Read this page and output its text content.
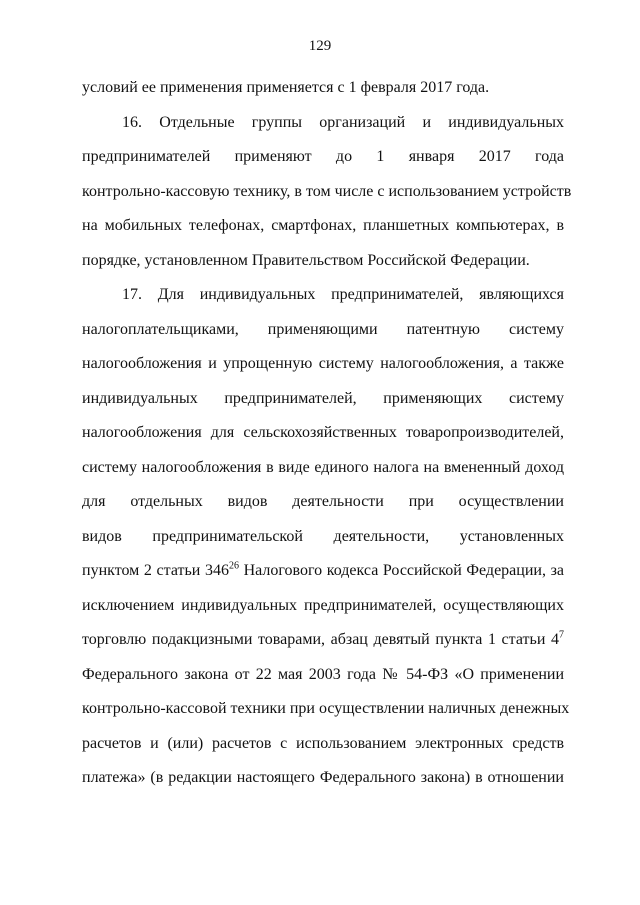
129
условий ее применения применяется с 1 февраля 2017 года.
16. Отдельные группы организаций и индивидуальных
предпринимателей применяют до 1 января 2017 года
контрольно-кассовую технику, в том числе с использованием устройств
на мобильных телефонах, смартфонах, планшетных компьютерах, в
порядке, установленном Правительством Российской Федерации.
17. Для индивидуальных предпринимателей, являющихся
налогоплательщиками, применяющими патентную систему
налогообложения и упрощенную систему налогообложения, а также
индивидуальных предпринимателей, применяющих систему
налогообложения для сельскохозяйственных товаропроизводителей,
систему налогообложения в виде единого налога на вмененный доход
для отдельных видов деятельности при осуществлении
видов предпринимательской деятельности, установленных
пунктом 2 статьи $346^{26}$ Налогового кодекса Российской Федерации, за
исключением индивидуальных предпринимателей, осуществляющих
торговлю подакцизными товарами, абзац девятый пункта 1 статьи $4^7$
Федерального закона от 22 мая 2003 года № 54-ФЗ «О применении
контрольно-кассовой техники при осуществлении наличных денежных
расчетов и (или) расчетов с использованием электронных средств
платежа» (в редакции настоящего Федерального закона) в отношении
